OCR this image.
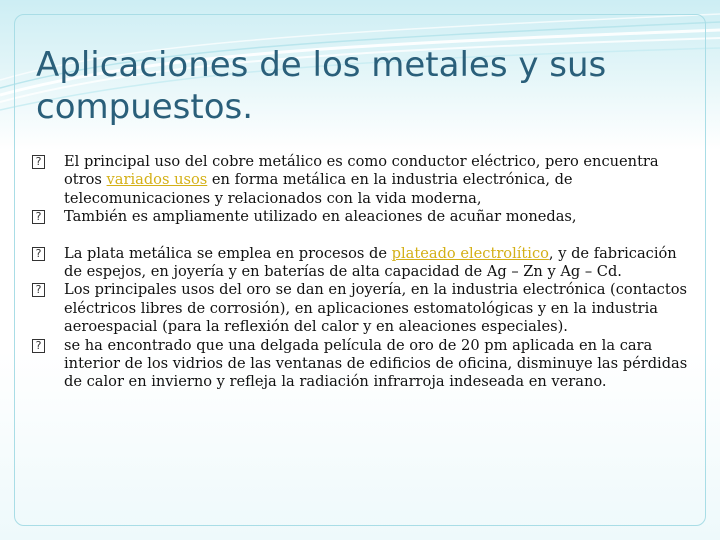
Aplicaciones de los metales y sus compuestos.

? El principal uso del cobre metálico es como conductor eléctrico, pero encuentra otros variados usos en forma metálica en la industria electrónica, de telecomunicaciones y relacionados con la vida moderna,

? También es ampliamente utilizado en aleaciones de acuñar monedas,

? La plata metálica se emplea en procesos de plateado electrolítico, y de fabricación de espejos, en joyería y en baterías de alta capacidad de Ag – Zn y Ag – Cd.

? Los principales usos del oro se dan en joyería, en la industria electrónica (contactos eléctricos libres de corrosión), en aplicaciones estomatológicas y en la industria aeroespacial (para la reflexión del calor y en aleaciones especiales).

? se ha encontrado que una delgada película de oro de 20 pm aplicada en la cara interior de los vidrios de las ventanas de edificios de oficina, disminuye las pérdidas de calor en invierno y refleja la radiación infrarroja indeseada en verano.
